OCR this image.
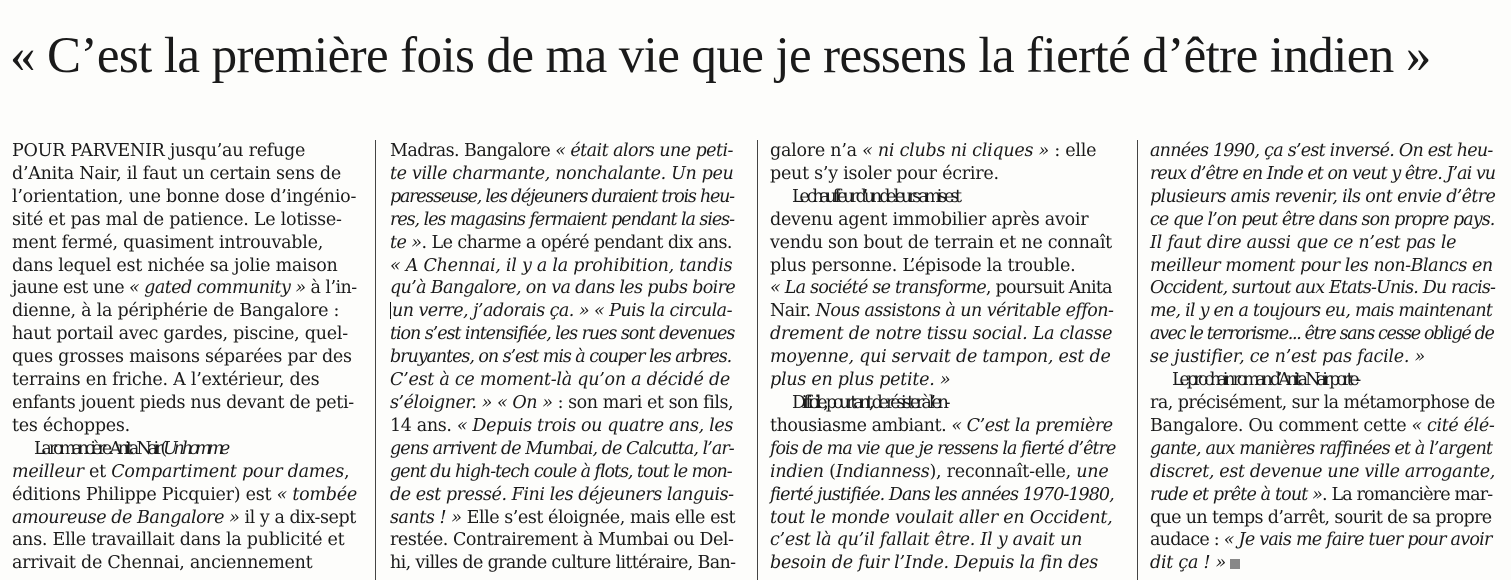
« C’est la première fois de ma vie que je ressens la fierté d’être indien »
POUR PARVENIR jusqu’au refuge
d’Anita Nair, il faut un certain sens de
l’orientation, une bonne dose d’ingénio-
sité et pas mal de patience. Le lotisse-
ment fermé, quasiment introuvable,
dans lequel est nichée sa jolie maison
jaune est une « gated community » à l’in-
dienne, à la périphérie de Bangalore :
haut portail avec gardes, piscine, quel-
ques grosses maisons séparées par des
terrains en friche. A l’extérieur, des
enfants jouent pieds nus devant de peti-
tes échoppes.
La romancière Anita Nair (Un homme
meilleur et Compartiment pour dames,
éditions Philippe Picquier) est « tombée
amoureuse de Bangalore » il y a dix-sept
ans. Elle travaillait dans la publicité et
arrivait de Chennai, anciennement
Madras. Bangalore « était alors une peti-
te ville charmante, nonchalante. Un peu
paresseuse, les déjeuners duraient trois heu-
res, les magasins fermaient pendant la sies-
te ». Le charme a opéré pendant dix ans.
« A Chennai, il y a la prohibition, tandis
qu’à Bangalore, on va dans les pubs boire
un verre, j’adorais ça. » « Puis la circula-
tion s’est intensifiée, les rues sont devenues
bruyantes, on s’est mis à couper les arbres.
C’est à ce moment-là qu’on a décidé de
s’éloigner. » « On » : son mari et son fils,
14 ans. « Depuis trois ou quatre ans, les
gens arrivent de Mumbai, de Calcutta, l’ar-
gent du high-tech coule à flots, tout le mon-
de est pressé. Fini les déjeuners languis-
sants ! » Elle s’est éloignée, mais elle est
restée. Contrairement à Mumbai ou Del-
hi, villes de grande culture littéraire, Ban-
galore n’a « ni clubs ni cliques » : elle
peut s’y isoler pour écrire.
Le chauffeur d’un de leurs amis est
devenu agent immobilier après avoir
vendu son bout de terrain et ne connaît
plus personne. L’épisode la trouble.
« La société se transforme, poursuit Anita
Nair. Nous assistons à un véritable effon-
drement de notre tissu social. La classe
moyenne, qui servait de tampon, est de
plus en plus petite. »
Difficile, pourtant, de résister à l’en-
thousiasme ambiant. « C’est la première
fois de ma vie que je ressens la fierté d’être
indien (Indianness), reconnaît-elle, une
fierté justifiée. Dans les années 1970-1980,
tout le monde voulait aller en Occident,
c’est là qu’il fallait être. Il y avait un
besoin de fuir l’Inde. Depuis la fin des
années 1990, ça s’est inversé. On est heu-
reux d’être en Inde et on veut y être. J’ai vu
plusieurs amis revenir, ils ont envie d’être
ce que l’on peut être dans son propre pays.
Il faut dire aussi que ce n’est pas le
meilleur moment pour les non-Blancs en
Occident, surtout aux Etats-Unis. Du racis-
me, il y en a toujours eu, mais maintenant
avec le terrorisme... être sans cesse obligé de
se justifier, ce n’est pas facile. »
Le prochain roman d’Anita Nair porte-
ra, précisément, sur la métamorphose de
Bangalore. Ou comment cette « cité élé-
gante, aux manières raffinées et à l’argent
discret, est devenue une ville arrogante,
rude et prête à tout ». La romancière mar-
que un temps d’arrêt, sourit de sa propre
audace : « Je vais me faire tuer pour avoir
dit ça ! »
